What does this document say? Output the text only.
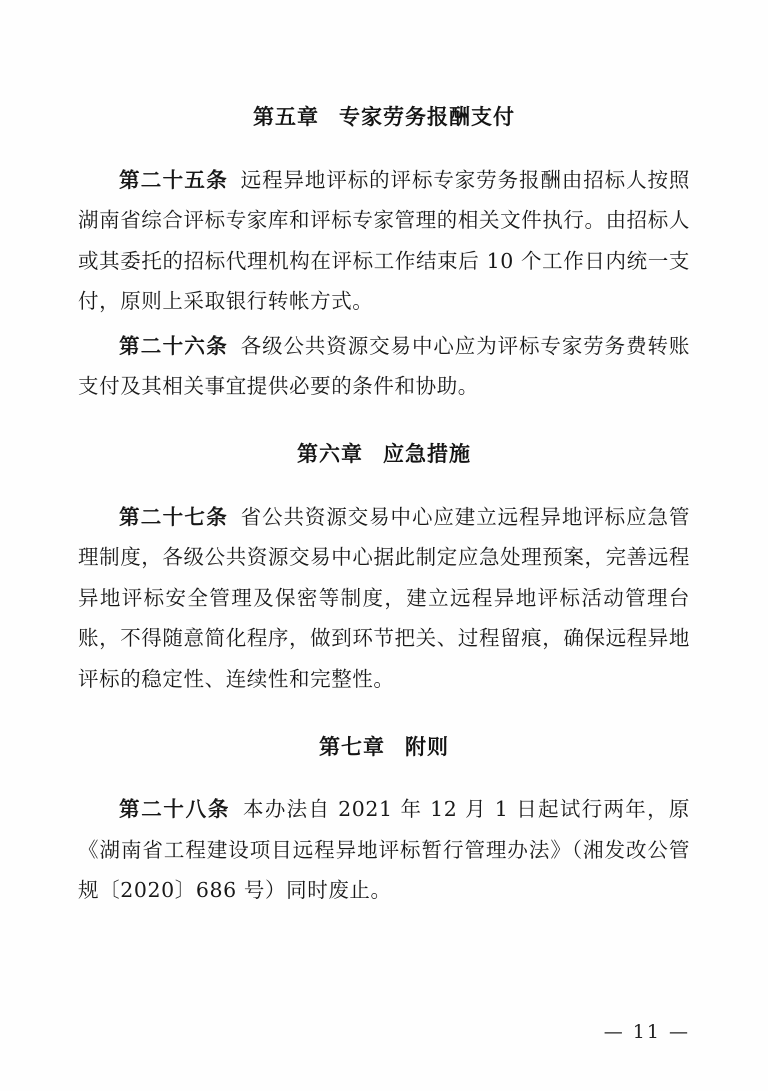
第五章 专家劳务报酬支付

第二十五条 远程异地评标的评标专家劳务报酬由招标人按照湖南省综合评标专家库和评标专家管理的相关文件执行。由招标人或其委托的招标代理机构在评标工作结束后 10 个工作日内统一支付，原则上采取银行转帐方式。

第二十六条 各级公共资源交易中心应为评标专家劳务费转账支付及其相关事宜提供必要的条件和协助。

第六章 应急措施

第二十七条 省公共资源交易中心应建立远程异地评标应急管理制度，各级公共资源交易中心据此制定应急处理预案，完善远程异地评标安全管理及保密等制度，建立远程异地评标活动管理台账，不得随意简化程序，做到环节把关、过程留痕，确保远程异地评标的稳定性、连续性和完整性。

第七章 附则

第二十八条 本办法自 2021 年 12 月 1 日起试行两年，原《湖南省工程建设项目远程异地评标暂行管理办法》（湘发改公管规〔2020〕686 号）同时废止。

— 11 —
